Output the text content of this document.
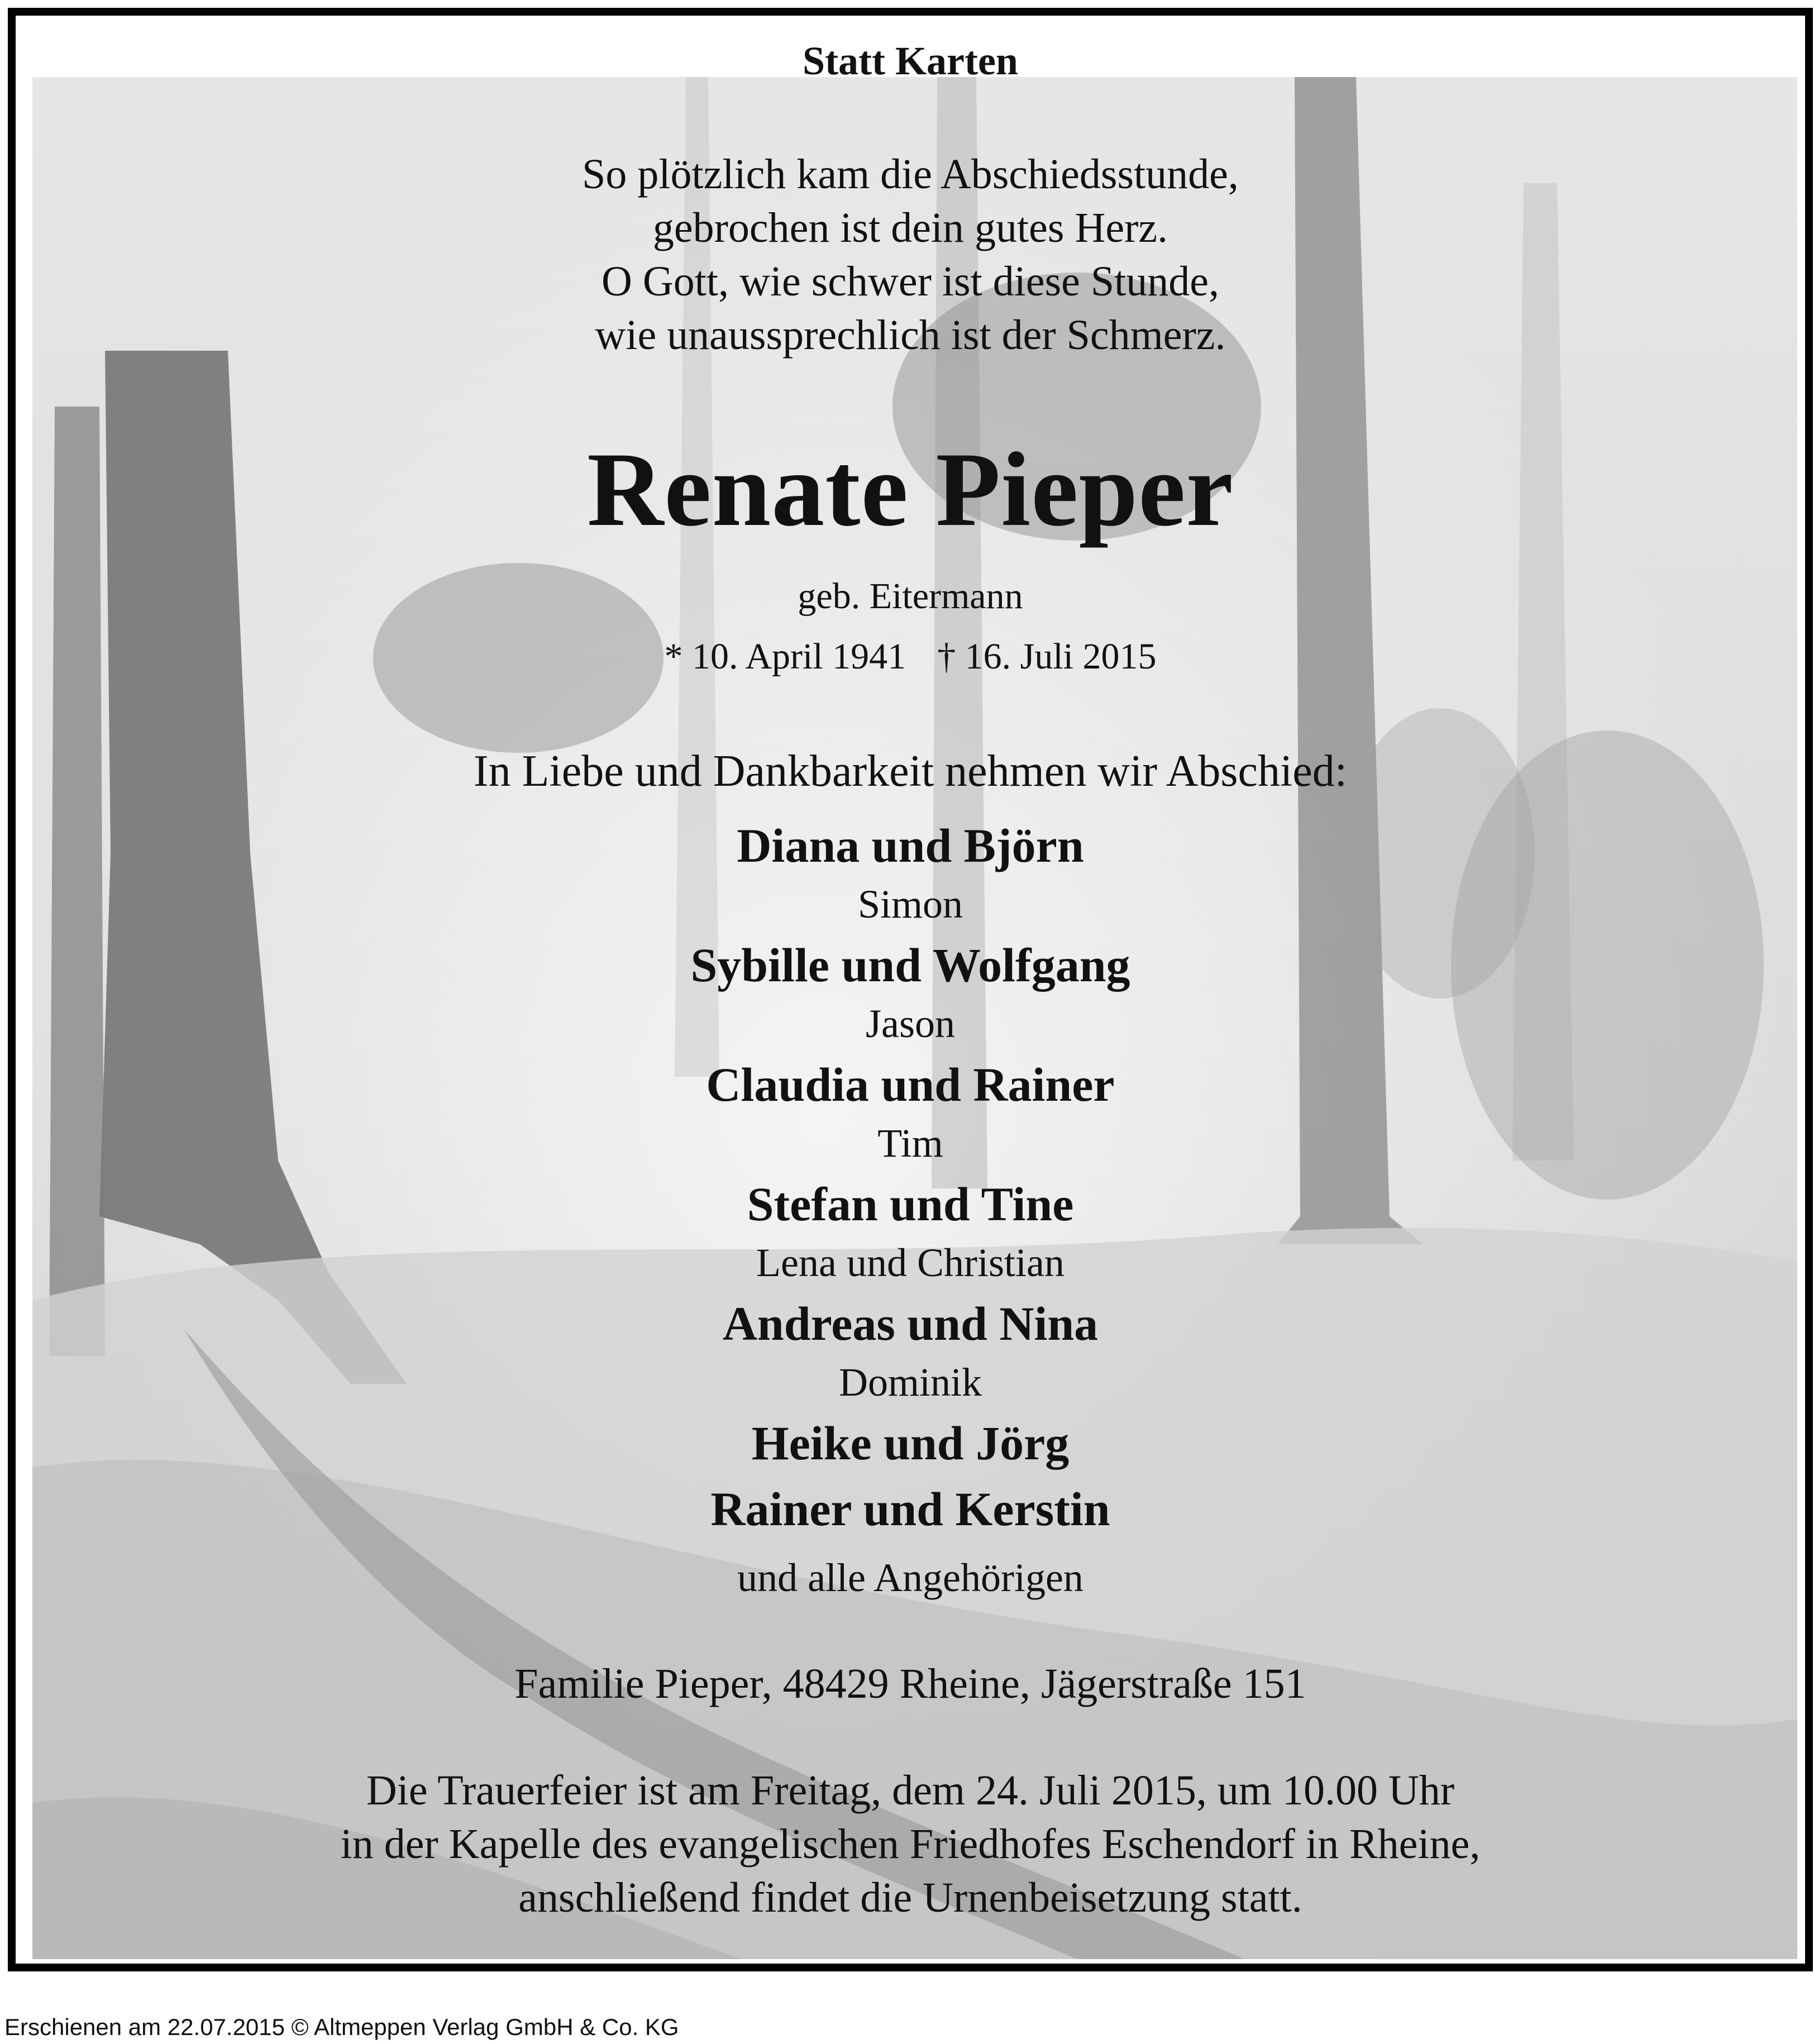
Statt Karten
So plötzlich kam die Abschiedsstunde,
gebrochen ist dein gutes Herz.
O Gott, wie schwer ist diese Stunde,
wie unaussprechlich ist der Schmerz.
Renate Pieper
geb. Eitermann
* 10. April 1941 † 16. Juli 2015
In Liebe und Dankbarkeit nehmen wir Abschied:
Diana und Björn
Simon
Sybille und Wolfgang
Jason
Claudia und Rainer
Tim
Stefan und Tine
Lena und Christian
Andreas und Nina
Dominik
Heike und Jörg
Rainer und Kerstin
und alle Angehörigen
Familie Pieper, 48429 Rheine, Jägerstraße 151
Die Trauerfeier ist am Freitag, dem 24. Juli 2015, um 10.00 Uhr
in der Kapelle des evangelischen Friedhofes Eschendorf in Rheine,
anschließend findet die Urnenbeisetzung statt.
Erschienen am 22.07.2015 © Altmeppen Verlag GmbH & Co. KG
